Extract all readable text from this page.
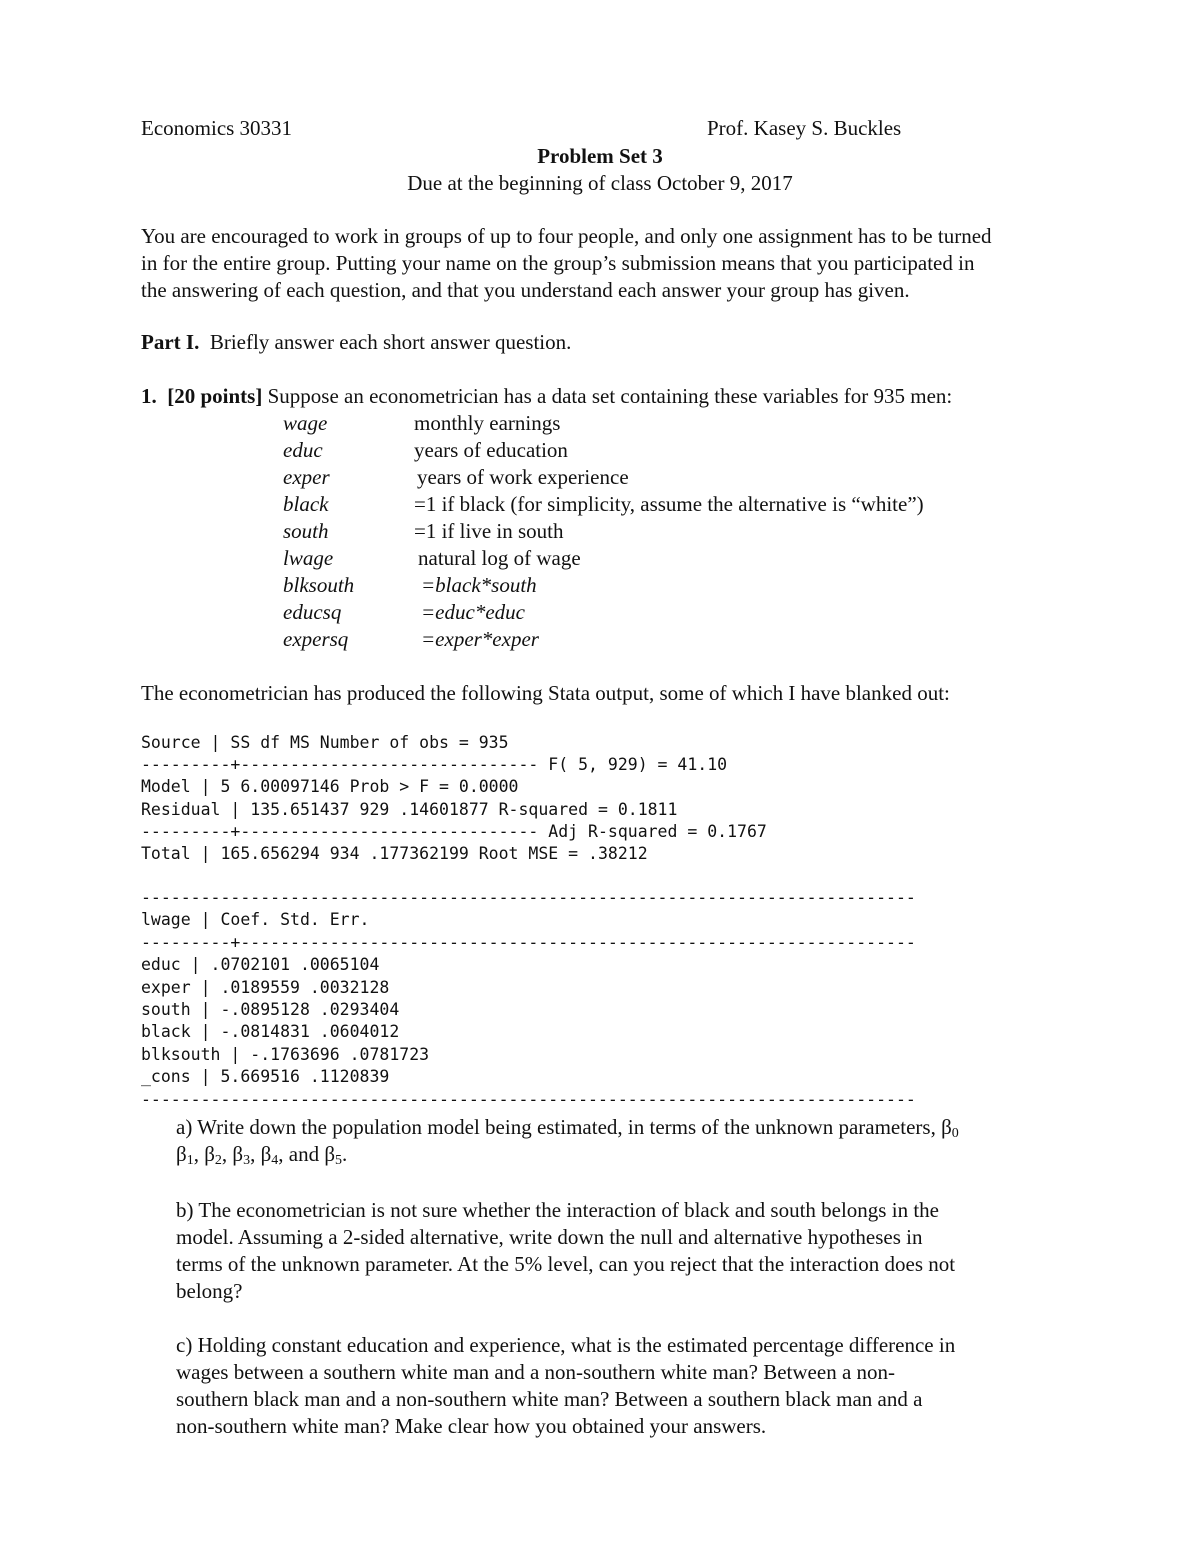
Economics 30331	Prof. Kasey S. Buckles
Problem Set 3
Due at the beginning of class October 9, 2017
You are encouraged to work in groups of up to four people, and only one assignment has to be turned
in for the entire group. Putting your name on the group’s submission means that you participated in
the answering of each question, and that you understand each answer your group has given.
Part I. Briefly answer each short answer question.
1. [20 points] Suppose an econometrician has a data set containing these variables for 935 men:
wage	monthly earnings
educ	years of education
exper	years of work experience
black	=1 if black (for simplicity, assume the alternative is “white”)
south	=1 if live in south
lwage	natural log of wage
blksouth	=black*south
educsq	=educ*educ
expersq	=exper*exper
The econometrician has produced the following Stata output, some of which I have blanked out:
Source | SS df MS Number of obs = 935
---------+------------------------------ F( 5, 929) = 41.10
Model | 5 6.00097146 Prob > F = 0.0000
Residual | 135.651437 929 .14601877 R-squared = 0.1811
---------+------------------------------ Adj R-squared = 0.1767
Total | 165.656294 934 .177362199 Root MSE = .38212
------------------------------------------------------------------------------
lwage | Coef. Std. Err.
---------+--------------------------------------------------------------------
educ | .0702101 .0065104
exper | .0189559 .0032128
south | -.0895128 .0293404
black | -.0814831 .0604012
blksouth | -.1763696 .0781723
_cons | 5.669516 .1120839
------------------------------------------------------------------------------
a) Write down the population model being estimated, in terms of the unknown parameters, $\beta_0$
$\beta_1$, $\beta_2$, $\beta_3$, $\beta_4$, and $\beta_5$.
b) The econometrician is not sure whether the interaction of black and south belongs in the
model. Assuming a 2-sided alternative, write down the null and alternative hypotheses in
terms of the unknown parameter. At the 5% level, can you reject that the interaction does not
belong?
c) Holding constant education and experience, what is the estimated percentage difference in
wages between a southern white man and a non-southern white man? Between a non-
southern black man and a non-southern white man? Between a southern black man and a
non-southern white man? Make clear how you obtained your answers.
